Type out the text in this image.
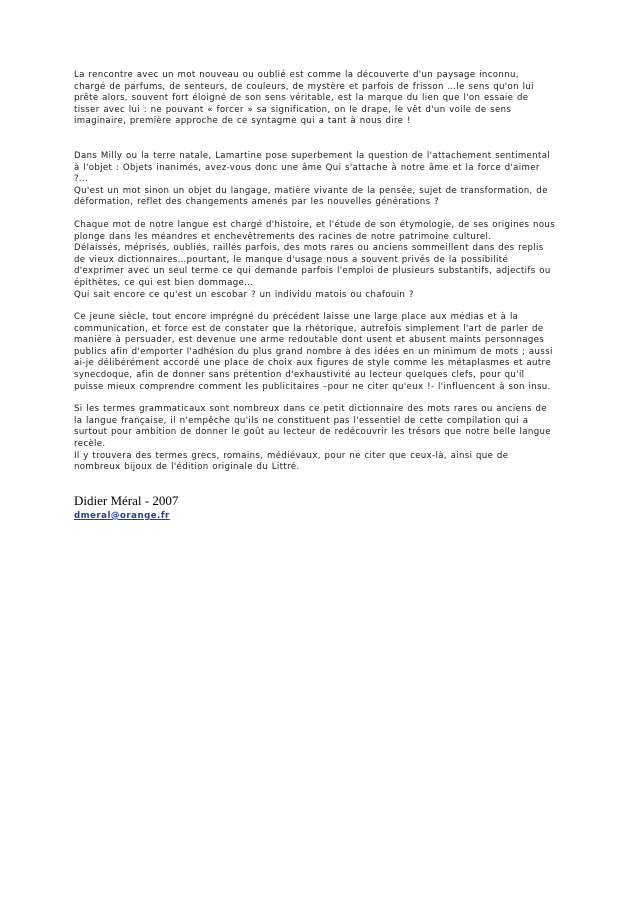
La rencontre avec un mot nouveau ou oublié est comme la découverte d'un paysage inconnu,
chargé de parfums, de senteurs, de couleurs, de mystère et parfois de frisson …le sens qu'on lui
prête alors, souvent fort éloigné de son sens véritable, est la marque du lien que l'on essaie de
tisser avec lui : ne pouvant « forcer » sa signification, on le drape, le vêt d'un voile de sens
imaginaire, première approche de ce syntagme qui a tant à nous dire !

Dans Milly ou la terre natale, Lamartine pose superbement la question de l'attachement sentimental
à l'objet : Objets inanimés, avez-vous donc une âme Qui s'attache à notre âme et la force d'aimer
?...
Qu'est un mot sinon un objet du langage, matière vivante de la pensée, sujet de transformation, de
déformation, reflet des changements amenés par les nouvelles générations ?

Chaque mot de notre langue est chargé d'histoire, et l'étude de son étymologie, de ses origines nous
plonge dans les méandres et enchevêtrements des racines de notre patrimoine culturel.
Délaissés, méprisés, oubliés, raillés parfois, des mots rares ou anciens sommeillent dans des replis
de vieux dictionnaires…pourtant, le manque d'usage nous a souvent privés de la possibilité
d'exprimer avec un seul terme ce qui demande parfois l'emploi de plusieurs substantifs, adjectifs ou
épithètes, ce qui est bien dommage…
Qui sait encore ce qu'est un escobar ? un individu matois ou chafouin ?

Ce jeune siècle, tout encore imprégné du précédent laisse une large place aux médias et à la
communication, et force est de constater que la rhétorique, autrefois simplement l'art de parler de
manière à persuader, est devenue une arme redoutable dont usent et abusent maints personnages
publics afin d'emporter l'adhésion du plus grand nombre à des idées en un minimum de mots ; aussi
ai-je délibérément accordé une place de choix aux figures de style comme les métaplasmes et autre
synecdoque, afin de donner sans prétention d'exhaustivité au lecteur quelques clefs, pour qu'il
puisse mieux comprendre comment les publicitaires –pour ne citer qu'eux !- l'influencent à son insu.

Si les termes grammaticaux sont nombreux dans ce petit dictionnaire des mots rares ou anciens de
la langue française, il n'empêche qu'ils ne constituent pas l'essentiel de cette compilation qui a
surtout pour ambition de donner le goût au lecteur de redécouvrir les trésors que notre belle langue
recèle.
Il y trouvera des termes grecs, romains, médiévaux, pour ne citer que ceux-là, ainsi que de
nombreux bijoux de l'édition originale du Littré.

Didier Méral - 2007
dmeral@orange.fr
